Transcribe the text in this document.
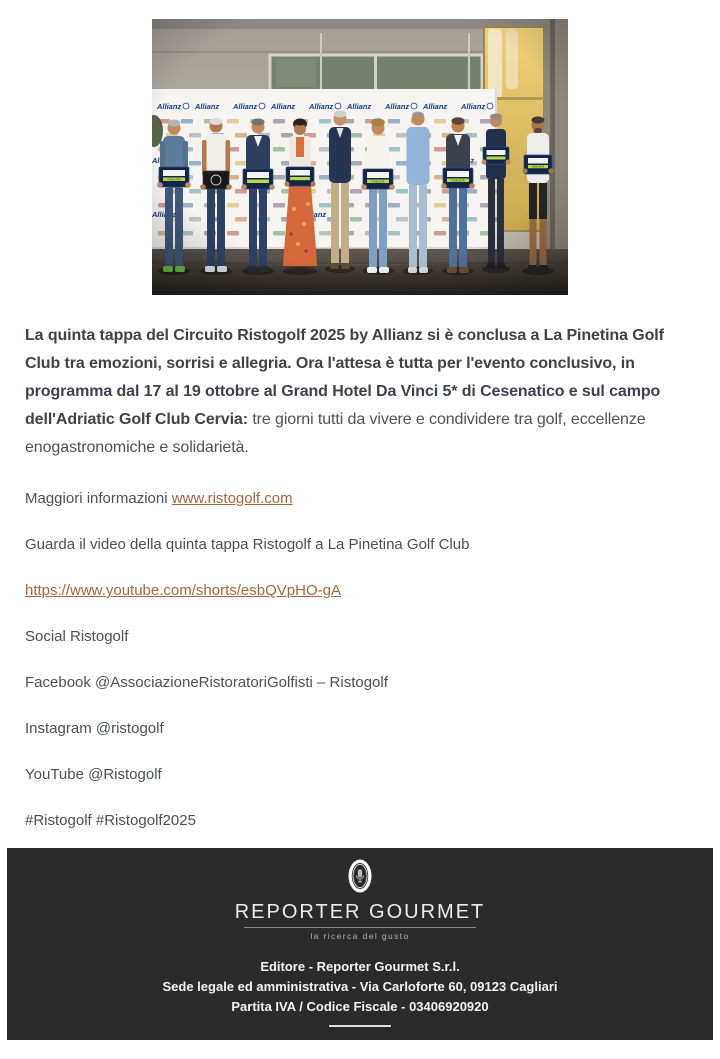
La quinta tappa del Circuito Ristogolf 2025 by Allianz si è conclusa a La Pinetina Golf Club tra emozioni, sorrisi e allegria. Ora l'attesa è tutta per l'evento conclusivo, in programma dal 17 al 19 ottobre al Grand Hotel Da Vinci 5* di Cesenatico e sul campo dell'Adriatic Golf Club Cervia: tre giorni tutti da vivere e condividere tra golf, eccellenze enogastronomiche e solidarietà.

Maggiori informazioni www.ristogolf.com

Guarda il video della quinta tappa Ristogolf a La Pinetina Golf Club

https://www.youtube.com/shorts/esbQVpHO-gA

Social Ristogolf

Facebook @AssociazioneRistoratoriGolfisti – Ristogolf

Instagram @ristogolf

YouTube @Ristogolf

#Ristogolf #Ristogolf2025

REPORTER GOURMET
la ricerca del gusto
Editore - Reporter Gourmet S.r.l.
Sede legale ed amministrativa - Via Carloforte 60, 09123 Cagliari
Partita IVA / Codice Fiscale - 03406920920
